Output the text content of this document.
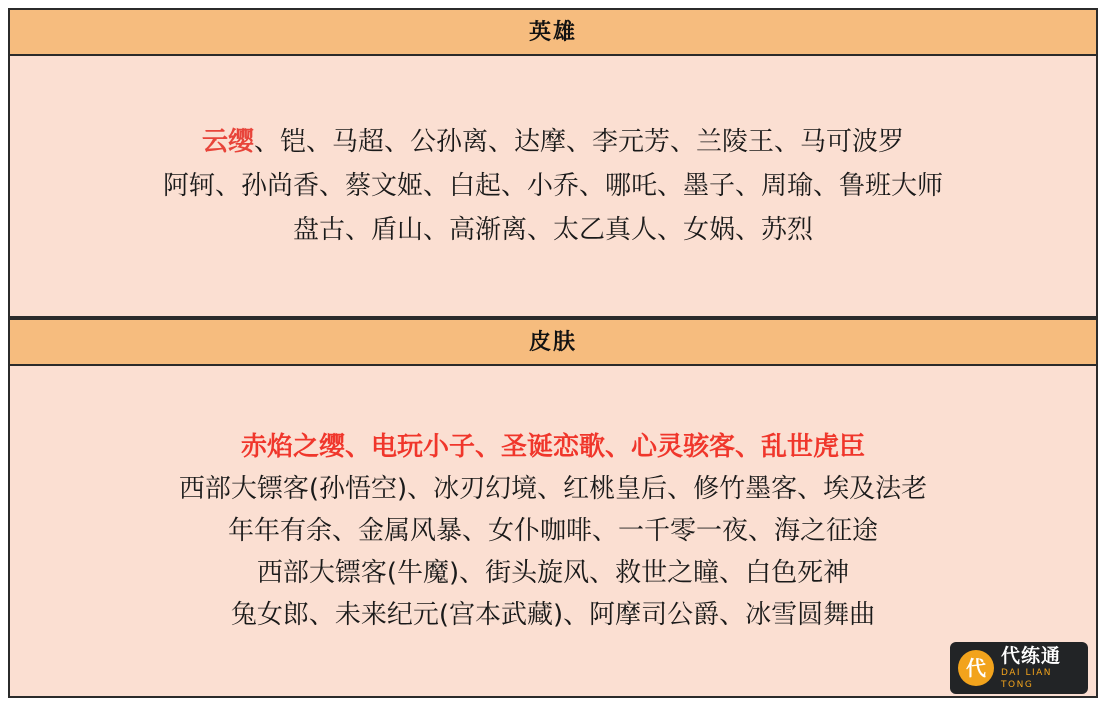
英雄
云缨、铠、马超、公孙离、达摩、李元芳、兰陵王、马可波罗
阿轲、孙尚香、蔡文姬、白起、小乔、哪吒、墨子、周瑜、鲁班大师
盘古、盾山、高渐离、太乙真人、女娲、苏烈
皮肤
赤焰之缨、电玩小子、圣诞恋歌、心灵骇客、乱世虎臣
西部大镖客(孙悟空)、冰刃幻境、红桃皇后、修竹墨客、埃及法老
年年有余、金属风暴、女仆咖啡、一千零一夜、海之征途
西部大镖客(牛魔)、街头旋风、救世之瞳、白色死神
兔女郎、未来纪元(宫本武藏)、阿摩司公爵、冰雪圆舞曲
代 代练通
DAI LIAN TONG
